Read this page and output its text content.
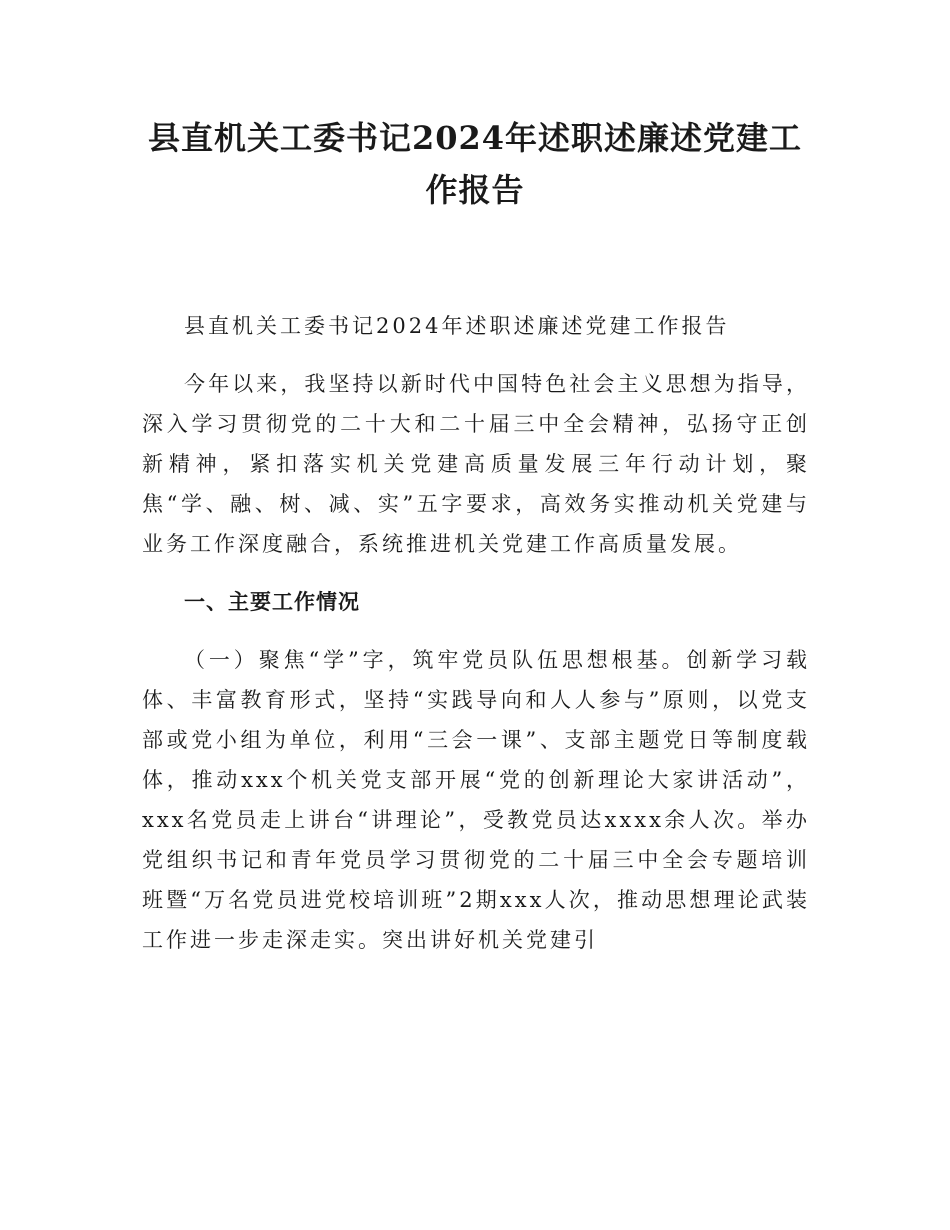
县直机关工委书记2024年述职述廉述党建工作报告

县直机关工委书记2024年述职述廉述党建工作报告

今年以来，我坚持以新时代中国特色社会主义思想为指导，深入学习贯彻党的二十大和二十届三中全会精神，弘扬守正创新精神，紧扣落实机关党建高质量发展三年行动计划，聚焦“学、融、树、减、实”五字要求，高效务实推动机关党建与业务工作深度融合，系统推进机关党建工作高质量发展。

一、主要工作情况

（一）聚焦“学”字，筑牢党员队伍思想根基。创新学习载体、丰富教育形式，坚持“实践导向和人人参与”原则，以党支部或党小组为单位，利用“三会一课”、支部主题党日等制度载体，推动xxx个机关党支部开展“党的创新理论大家讲活动”，xxx名党员走上讲台“讲理论”，受教党员达xxxx余人次。举办党组织书记和青年党员学习贯彻党的二十届三中全会专题培训班暨“万名党员进党校培训班”2期xxx人次，推动思想理论武装工作进一步走深走实。突出讲好机关党建引
